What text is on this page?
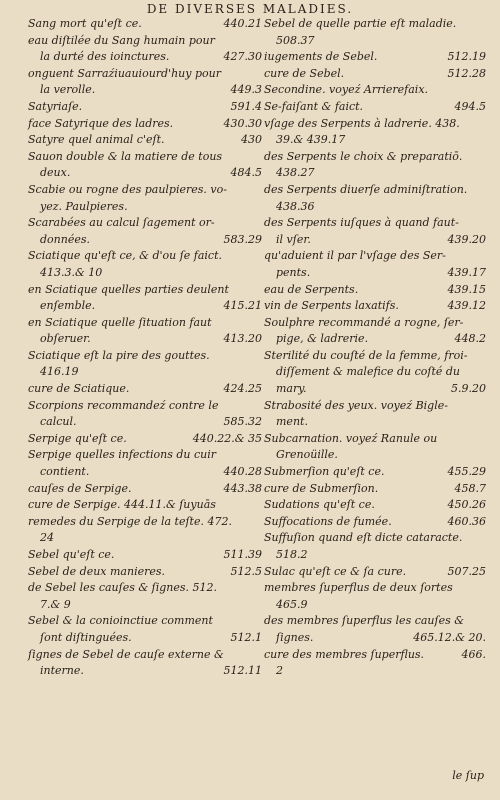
DE DIVERSES MALADIES.
Sang mort qu'eſt ce.	440.21
eau diſtilée du Sang humain pour
la durté des ioinctures.	427.30
onguent Sarraźiuauiourd'huy pour
la verolle.	449.3
Satyriaſe.	591.4
face Satyrique des ladres.	430.30
Satyre quel animal c'eſt.	430
Sauon double & la matiere de tous
deux.	484.5
Scabie ou rogne des paulpieres. vo-
yez. Paulpieres.
Scarabées au calcul ſagement or-
données.	583.29
Sciatique qu'eſt ce, & d'ou ſe faict.
413.3.& 10
en Sciatique quelles parties deulent
enſemble.	415.21
en Sciatique quelle ſituation faut
obſeruer.	413.20
Sciatique eſt la pire des gouttes.
416.19
cure de Sciatique.	424.25
Scorpions recommandeź contre le
calcul.	585.32
Serpige qu'eſt ce.	440.22.& 35
Serpige quelles infections du cuir
contient.	440.28
cauſes de Serpige.	443.38
cure de Serpige. 444.11.& ſuyuās
remedes du Serpige de la teſte. 472.
24
Sebel qu'eſt ce.	511.39
Sebel de deux manieres.	512.5
de Sebel les cauſes & ſignes. 512.
7.& 9
Sebel & la conioinctiue comment
ſont diſtinguées.	512.1
ſignes de Sebel de cauſe externe &
interne.	512.11
Sebel de quelle partie eſt maladie.
508.37
iugements de Sebel.	512.19
cure de Sebel.	512.28
Secondine. voyeź Arrierefaix.
Se-faiſant & faict.	494.5
vſage des Serpents à ladrerie. 438.
39.& 439.17
des Serpents le choix & preparatiō.
438.27
des Serpents diuerſe adminiſtration.
438.36
des Serpents iuſques à quand faut-
il vſer.	439.20
qu'aduient il par l'vſage des Ser-
pents.	439.17
eau de Serpents.	439.15
vin de Serpents laxatifs.	439.12
Soulphre recommandé a rogne, ſer-
pige, & ladrerie.	448.2
Sterilité du couſté de la femme, froi-
diſſement & malefice du coſté du
mary.	5.9.20
Strabosité des yeux. voyeź Bigle-
ment.
Subcarnation. voyeź Ranule ou
Grenoüille.
Submerſion qu'eſt ce.	455.29
cure de Submerſion.	458.7
Sudations qu'eſt ce.	450.26
Suffocations de fumée.	460.36
Suffuſion quand eſt dicte cataracte.
518.2
Sulac qu'eſt ce & ſa cure.	507.25
membres ſuperflus de deux ſortes
465.9
des membres ſuperflus les cauſes &
ſignes.	465.12.& 20.
cure des membres ſuperflus.	466.
2
le ſup
